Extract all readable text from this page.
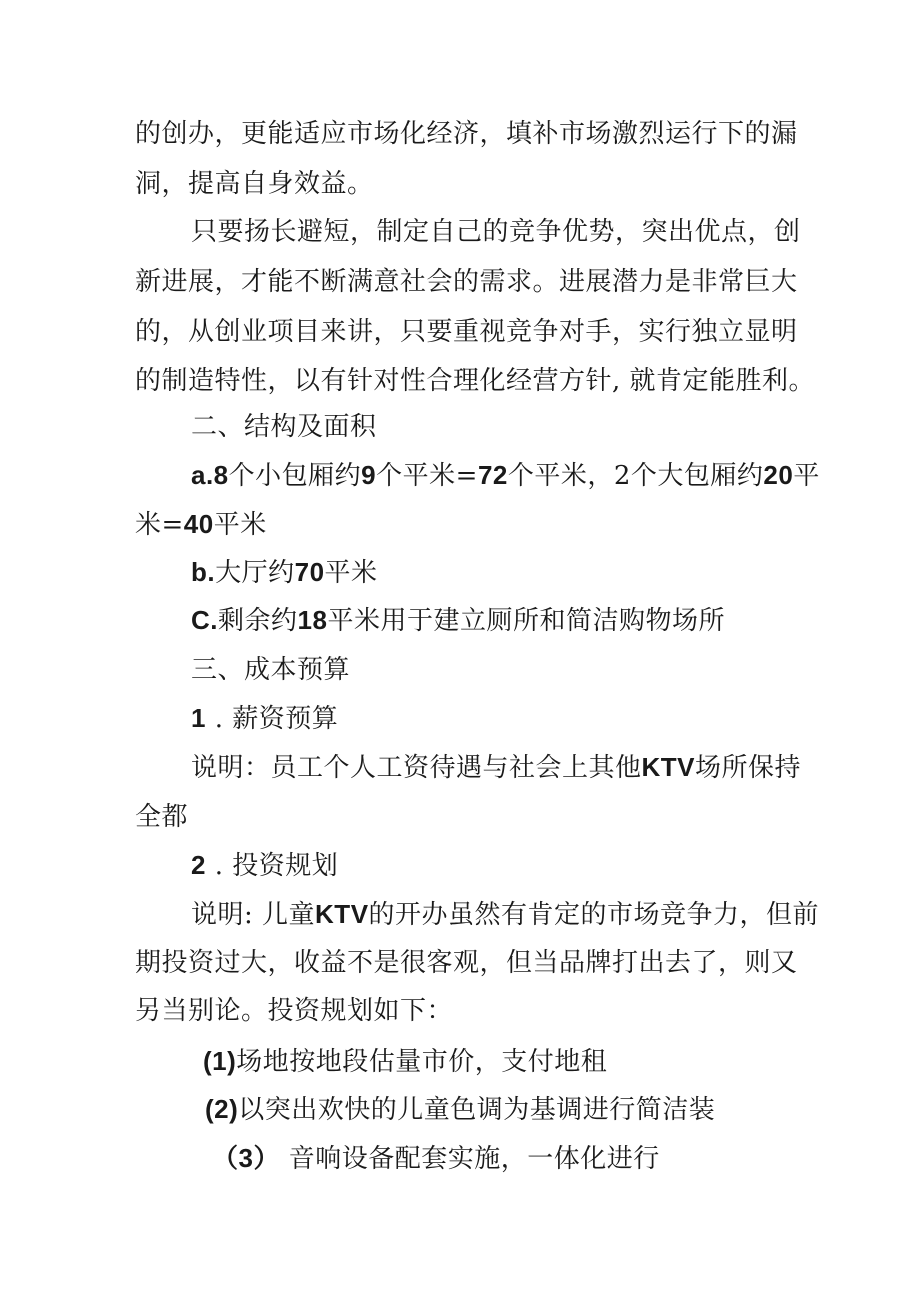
的创办，更能适应市场化经济，填补市场激烈运行下的漏
洞，提高自身效益。
只要扬长避短，制定自己的竞争优势，突出优点，创
新进展，才能不断满意社会的需求。进展潜力是非常巨大
的，从创业项目来讲，只要重视竞争对手，实行独立显明
的制造特性，以有针对性合理化经营方针, 就肯定能胜利。
二、结构及面积
a.8个小包厢约9个平米=72个平米，2个大包厢约20平
米=40平米
b.大厅约70平米
C.剩余约18平米用于建立厕所和简洁购物场所
三、成本预算
1 . 薪资预算
说明：员工个人工资待遇与社会上其他KTV场所保持
全都
2 . 投资规划
说明: 儿童KTV的开办虽然有肯定的市场竞争力，但前
期投资过大，收益不是很客观，但当品牌打出去了，则又
另当别论。投资规划如下：
(1)场地按地段估量市价，支付地租
(2)以突出欢快的儿童色调为基调进行简洁装
（3） 音响设备配套实施，一体化进行
